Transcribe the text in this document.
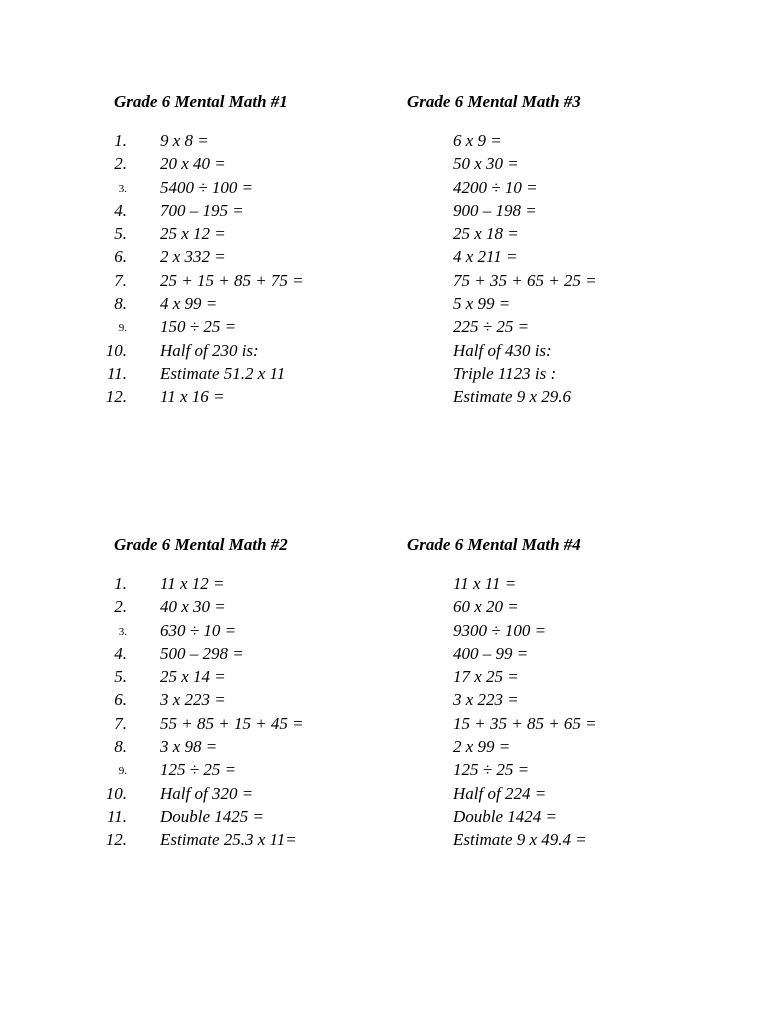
Grade 6 Mental Math #1
9 x 8 =
20 x 40 =
5400 ÷ 100 =
700 – 195 =
25 x 12 =
2 x 332 =
25 + 15 + 85 + 75 =
4 x 99 =
150 ÷ 25 =
Half of 230 is:
Estimate 51.2 x 11
11 x 16 =
Grade 6 Mental Math #3
1.	6 x 9 =
2.	50 x 30 =
3.	4200 ÷ 10 =
4.	900 – 198 =
5.	25 x 18 =
6.	4 x 211 =
7.	75 + 35 + 65 + 25 =
8.	5 x 99 =
9.	225 ÷ 25 =
10.	Half of 430 is:
11.	Triple 1123 is :
12.	Estimate 9 x 29.6
Grade 6 Mental Math #2
11 x 12 =
40 x 30 =
630 ÷ 10 =
500 – 298 =
25 x 14 =
3 x 223 =
55 + 85 + 15 + 45 =
3 x 98 =
125 ÷ 25 =
Half of 320 =
Double 1425 =
Estimate 25.3 x 11=
Grade 6 Mental Math #4
1.	11 x 11 =
2.	60 x 20 =
3.	9300 ÷ 100 =
4.	400 – 99 =
5.	17 x 25 =
6.	3 x 223 =
7.	15 + 35 + 85 + 65 =
8.	2 x 99 =
9.	125 ÷ 25 =
10.	Half of 224 =
11.	Double 1424 =
12.	Estimate 9 x 49.4 =
